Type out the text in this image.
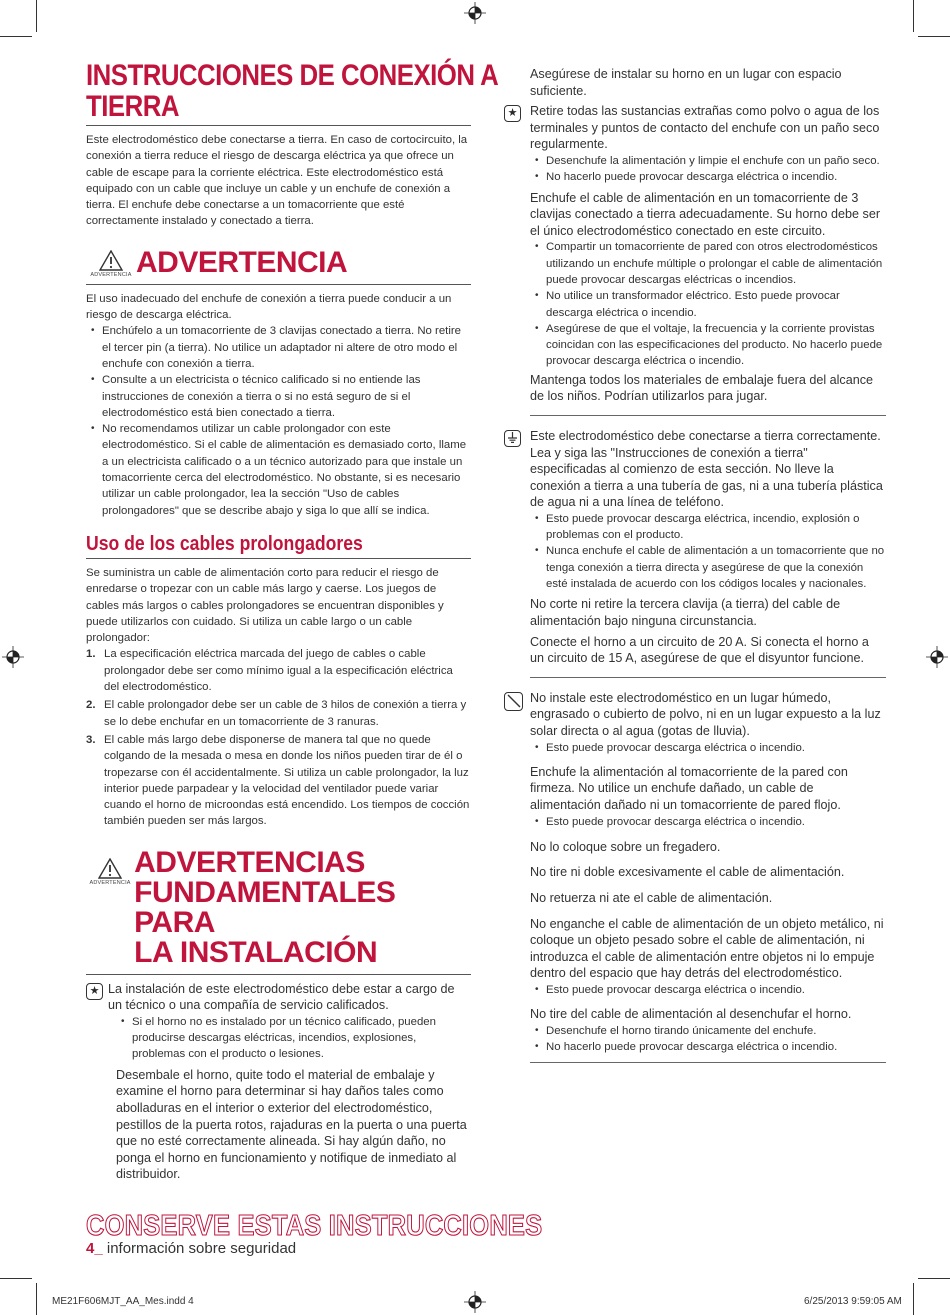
INSTRUCCIONES DE CONEXIÓN A
TIERRA
Este electrodoméstico debe conectarse a tierra. En caso de cortocircuito, la conexión a tierra reduce el riesgo de descarga eléctrica ya que ofrece un cable de escape para la corriente eléctrica. Este electrodoméstico está equipado con un cable que incluye un cable y un enchufe de conexión a tierra. El enchufe debe conectarse a un tomacorriente que esté correctamente instalado y conectado a tierra.
ADVERTENCIA ADVERTENCIA
El uso inadecuado del enchufe de conexión a tierra puede conducir a un riesgo de descarga eléctrica.
• Enchúfelo a un tomacorriente de 3 clavijas conectado a tierra. No retire el tercer pin (a tierra). No utilice un adaptador ni altere de otro modo el enchufe con conexión a tierra.
• Consulte a un electricista o técnico calificado si no entiende las instrucciones de conexión a tierra o si no está seguro de si el electrodoméstico está bien conectado a tierra.
• No recomendamos utilizar un cable prolongador con este electrodoméstico. Si el cable de alimentación es demasiado corto, llame a un electricista calificado o a un técnico autorizado para que instale un tomacorriente cerca del electrodoméstico. No obstante, si es necesario utilizar un cable prolongador, lea la sección "Uso de cables prolongadores" que se describe abajo y siga lo que allí se indica.
Uso de los cables prolongadores
Se suministra un cable de alimentación corto para reducir el riesgo de enredarse o tropezar con un cable más largo y caerse. Los juegos de cables más largos o cables prolongadores se encuentran disponibles y puede utilizarlos con cuidado. Si utiliza un cable largo o un cable prolongador:
1. La especificación eléctrica marcada del juego de cables o cable prolongador debe ser como mínimo igual a la especificación eléctrica del electrodoméstico.
2. El cable prolongador debe ser un cable de 3 hilos de conexión a tierra y se lo debe enchufar en un tomacorriente de 3 ranuras.
3. El cable más largo debe disponerse de manera tal que no quede colgando de la mesada o mesa en donde los niños pueden tirar de él o tropezarse con él accidentalmente. Si utiliza un cable prolongador, la luz interior puede parpadear y la velocidad del ventilador puede variar cuando el horno de microondas está encendido. Los tiempos de cocción también pueden ser más largos.
ADVERTENCIA
ADVERTENCIAS
FUNDAMENTALES PARA
LA INSTALACIÓN
★ La instalación de este electrodoméstico debe estar a cargo de un técnico o una compañía de servicio calificados.
• Si el horno no es instalado por un técnico calificado, pueden producirse descargas eléctricas, incendios, explosiones, problemas con el producto o lesiones.
Desembale el horno, quite todo el material de embalaje y examine el horno para determinar si hay daños tales como abolladuras en el interior o exterior del electrodoméstico, pestillos de la puerta rotos, rajaduras en la puerta o una puerta que no esté correctamente alineada. Si hay algún daño, no ponga el horno en funcionamiento y notifique de inmediato al distribuidor.
Asegúrese de instalar su horno en un lugar con espacio suficiente.
★ Retire todas las sustancias extrañas como polvo o agua de los terminales y puntos de contacto del enchufe con un paño seco regularmente.
• Desenchufe la alimentación y limpie el enchufe con un paño seco.
• No hacerlo puede provocar descarga eléctrica o incendio.
Enchufe el cable de alimentación en un tomacorriente de 3 clavijas conectado a tierra adecuadamente. Su horno debe ser el único electrodoméstico conectado en este circuito.
• Compartir un tomacorriente de pared con otros electrodomésticos utilizando un enchufe múltiple o prolongar el cable de alimentación puede provocar descargas eléctricas o incendios.
• No utilice un transformador eléctrico. Esto puede provocar descarga eléctrica o incendio.
• Asegúrese de que el voltaje, la frecuencia y la corriente provistas coincidan con las especificaciones del producto. No hacerlo puede provocar descarga eléctrica o incendio.
Mantenga todos los materiales de embalaje fuera del alcance de los niños. Podrían utilizarlos para jugar.
Este electrodoméstico debe conectarse a tierra correctamente. Lea y siga las "Instrucciones de conexión a tierra" especificadas al comienzo de esta sección. No lleve la conexión a tierra a una tubería de gas, ni a una tubería plástica de agua ni a una línea de teléfono.
• Esto puede provocar descarga eléctrica, incendio, explosión o problemas con el producto.
• Nunca enchufe el cable de alimentación a un tomacorriente que no tenga conexión a tierra directa y asegúrese de que la conexión esté instalada de acuerdo con los códigos locales y nacionales.
No corte ni retire la tercera clavija (a tierra) del cable de alimentación bajo ninguna circunstancia.
Conecte el horno a un circuito de 20 A. Si conecta el horno a un circuito de 15 A, asegúrese de que el disyuntor funcione.
No instale este electrodoméstico en un lugar húmedo, engrasado o cubierto de polvo, ni en un lugar expuesto a la luz solar directa o al agua (gotas de lluvia).
• Esto puede provocar descarga eléctrica o incendio.
Enchufe la alimentación al tomacorriente de la pared con firmeza. No utilice un enchufe dañado, un cable de alimentación dañado ni un tomacorriente de pared flojo.
• Esto puede provocar descarga eléctrica o incendio.
No lo coloque sobre un fregadero.
No tire ni doble excesivamente el cable de alimentación.
No retuerza ni ate el cable de alimentación.
No enganche el cable de alimentación de un objeto metálico, ni coloque un objeto pesado sobre el cable de alimentación, ni introduzca el cable de alimentación entre objetos ni lo empuje dentro del espacio que hay detrás del electrodoméstico.
• Esto puede provocar descarga eléctrica o incendio.
No tire del cable de alimentación al desenchufar el horno.
• Desenchufe el horno tirando únicamente del enchufe.
• No hacerlo puede provocar descarga eléctrica o incendio.
CONSERVE ESTAS INSTRUCCIONES
4_ información sobre seguridad
ME21F606MJT_AA_Mes.indd 4	6/25/2013 9:59:05 AM
